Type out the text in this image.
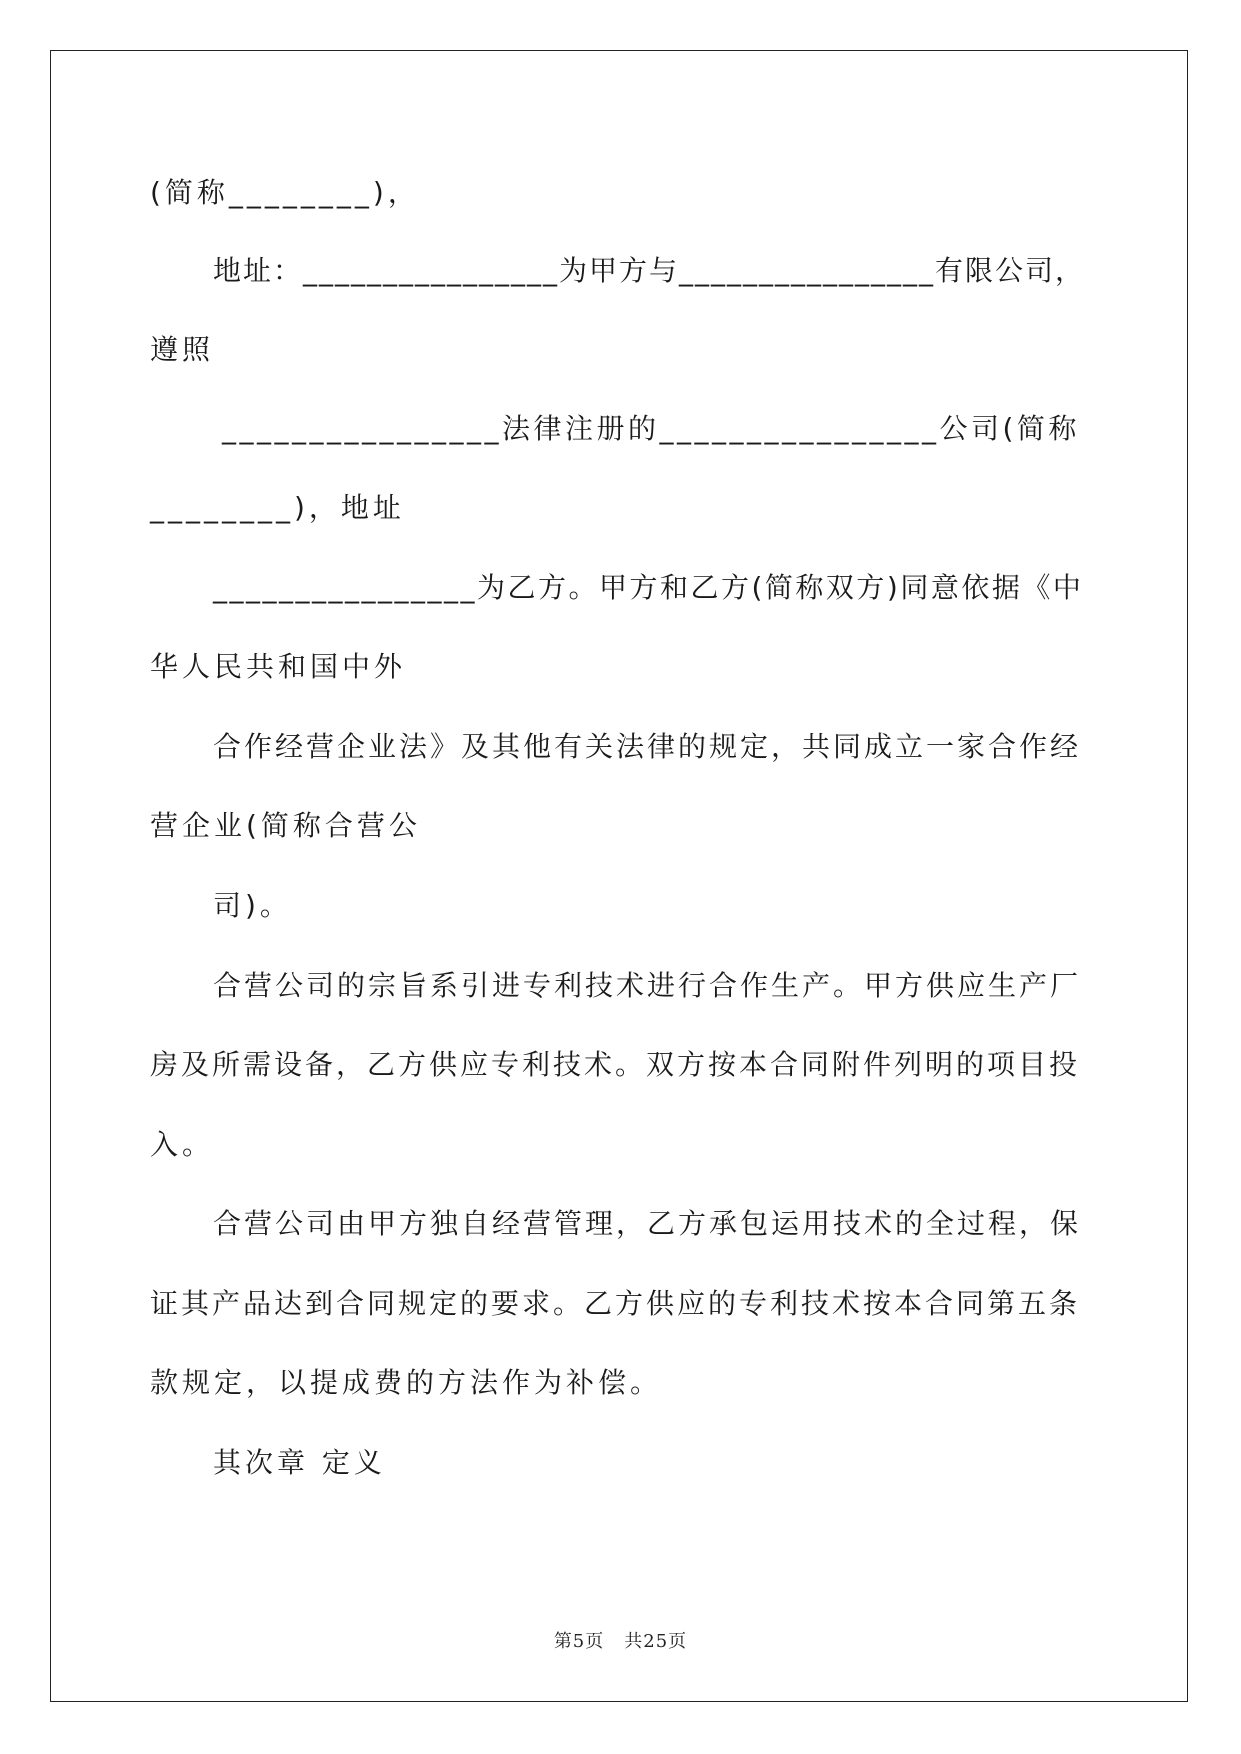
(简称________)，
地址：________________为甲方与________________有限公司，
遵照
________________法律注册的________________公司(简称
________)，地址
________________为乙方。甲方和乙方(简称双方)同意依据《中
华人民共和国中外
合作经营企业法》及其他有关法律的规定，共同成立一家合作经
营企业(简称合营公
司)。
合营公司的宗旨系引进专利技术进行合作生产。甲方供应生产厂
房及所需设备，乙方供应专利技术。双方按本合同附件列明的项目投
入。
合营公司由甲方独自经营管理，乙方承包运用技术的全过程，保
证其产品达到合同规定的要求。乙方供应的专利技术按本合同第五条
款规定，以提成费的方法作为补偿。
其次章 定义
第5页 共25页
